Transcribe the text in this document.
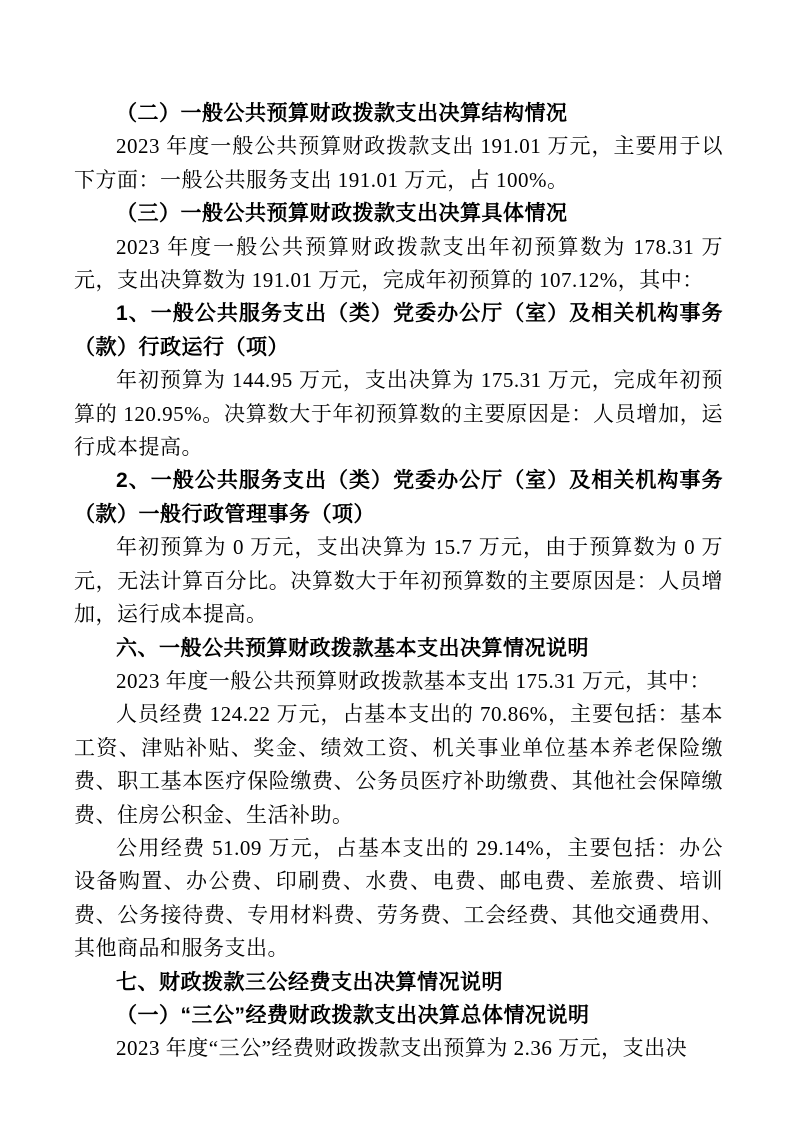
（二）一般公共预算财政拨款支出决算结构情况

2023 年度一般公共预算财政拨款支出 191.01 万元，主要用于以下方面：一般公共服务支出 191.01 万元，占 100%。

（三）一般公共预算财政拨款支出决算具体情况

2023 年度一般公共预算财政拨款支出年初预算数为 178.31 万元，支出决算数为 191.01 万元，完成年初预算的 107.12%，其中：

1、一般公共服务支出（类）党委办公厅（室）及相关机构事务（款）行政运行（项）

年初预算为 144.95 万元，支出决算为 175.31 万元，完成年初预算的 120.95%。决算数大于年初预算数的主要原因是：人员增加，运行成本提高。

2、一般公共服务支出（类）党委办公厅（室）及相关机构事务（款）一般行政管理事务（项）

年初预算为 0 万元，支出决算为 15.7 万元，由于预算数为 0 万元，无法计算百分比。决算数大于年初预算数的主要原因是：人员增加，运行成本提高。

六、一般公共预算财政拨款基本支出决算情况说明

2023 年度一般公共预算财政拨款基本支出 175.31 万元，其中：

人员经费 124.22 万元，占基本支出的 70.86%，主要包括：基本工资、津贴补贴、奖金、绩效工资、机关事业单位基本养老保险缴费、职工基本医疗保险缴费、公务员医疗补助缴费、其他社会保障缴费、住房公积金、生活补助。

公用经费 51.09 万元，占基本支出的 29.14%，主要包括：办公设备购置、办公费、印刷费、水费、电费、邮电费、差旅费、培训费、公务接待费、专用材料费、劳务费、工会经费、其他交通费用、其他商品和服务支出。

七、财政拨款三公经费支出决算情况说明

（一）“三公”经费财政拨款支出决算总体情况说明

2023 年度“三公”经费财政拨款支出预算为 2.36 万元，支出决
